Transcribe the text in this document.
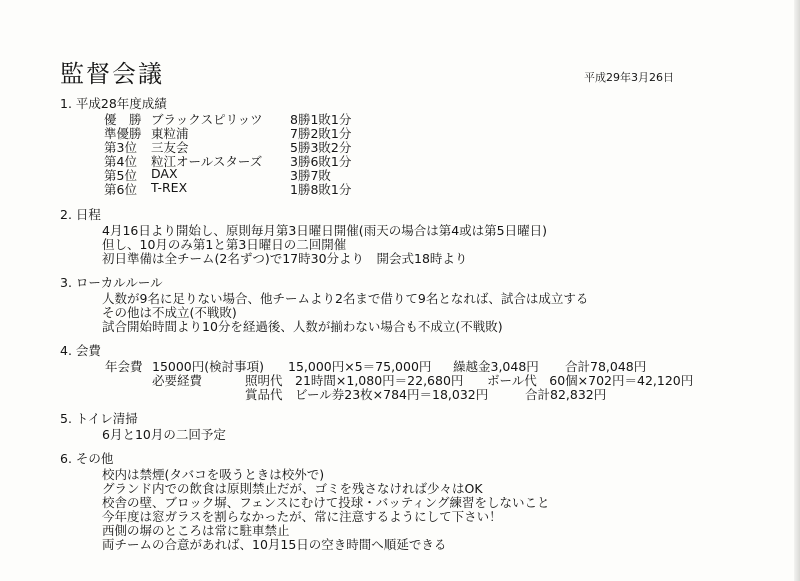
監督会議	平成29年3月26日
1. 平成28年度成績
優　勝 ブラックスピリッツ 8勝1敗1分
準優勝 東粒浦	7勝2敗1分
第3位 三友会	5勝3敗2分
第4位 粒江オールスターズ 3勝6敗1分
第5位 DAX	3勝7敗
第6位 T-REX	1勝8敗1分
2. 日程
4月16日より開始し、原則毎月第3日曜日開催(雨天の場合は第4或は第5日曜日)
但し、10月のみ第1と第3日曜日の二回開催
初日準備は全チーム(2名ずつ)で17時30分より　開会式18時より
3. ローカルルール
人数が9名に足りない場合、他チームより2名まで借りて9名となれば、試合は成立する
その他は不成立(不戦敗)
試合開始時間より10分を経過後、人数が揃わない場合も不成立(不戦敗)
4. 会費
年会費 15000円(検討事項) 15,000円×5＝75,000円 繰越金3,048円 合計78,048円
必要経費	照明代　21時間×1,080円＝22,680円 ボール代　60個×702円＝42,120円
賞品代　ビール券23枚×784円＝18,032円	合計82,832円
5. トイレ清掃
6月と10月の二回予定
6. その他
校内は禁煙(タバコを吸うときは校外で)
グランド内での飲食は原則禁止だが、ゴミを残さなければ少々はOK
校舎の壁、ブロック塀、フェンスにむけて投球・バッティング練習をしないこと
今年度は窓ガラスを割らなかったが、常に注意するようにして下さい！
西側の塀のところは常に駐車禁止
両チームの合意があれば、10月15日の空き時間へ順延できる
